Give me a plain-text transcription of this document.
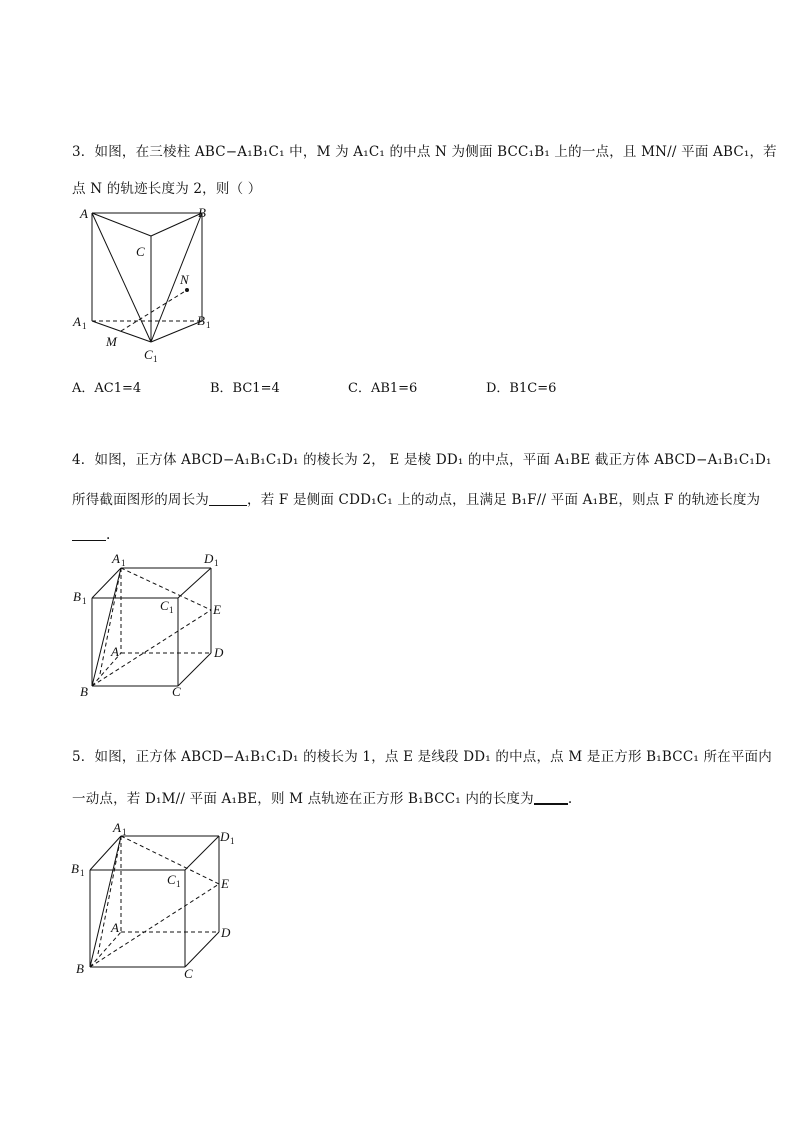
3．如图，在三棱柱 ABC−A₁B₁C₁ 中，M 为 A₁C₁ 的中点 N 为侧面 BCC₁B₁ 上的一点，且 MN// 平面 ABC₁，若
点 N 的轨迹长度为 2，则（ ）
A	B
C
N
A 1	B 1
M
C 1
A．AC1=4	B．BC1=4	C．AB1=6	D．B1C=6
4．如图，正方体 ABCD−A₁B₁C₁D₁ 的棱长为 2， E 是棱 DD₁ 的中点，平面 A₁BE 截正方体 ABCD−A₁B₁C₁D₁
所得截面图形的周长为	，若 F 是侧面 CDD₁C₁ 上的动点，且满足 B₁F// 平面 A₁BE，则点 F 的轨迹长度为
.
A 1	D 1
B 1	C 1	E
A	D
B	C
5．如图，正方体 ABCD−A₁B₁C₁D₁ 的棱长为 1，点 E 是线段 DD₁ 的中点，点 M 是正方形 B₁BCC₁ 所在平面内
一动点，若 D₁M// 平面 A₁BE，则 M 点轨迹在正方形 B₁BCC₁ 内的长度为	.
A 1	D 1
B 1	C 1	E
A	D
B	C
